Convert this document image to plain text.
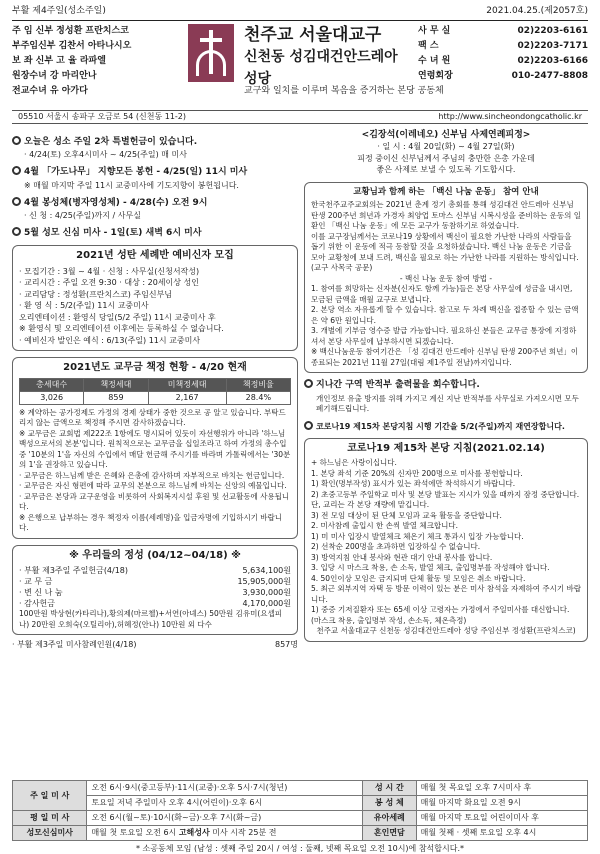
부활 제4주일(성소주일)	2021.04.25.(제2057호)
주 임 신부 정성환 프란치스코
부주임신부 김찬서 아타나시오
보 좌 신부 고 율 라파엘
원장수녀 강 마리안나
전교수녀 유 아가다
천주교 서울대교구
신천동 성김대건안드레아 성당
교구와 일치를 이루며 복음을 증거하는 본당 공동체
사 무 실	02)2203-6161
팩 스	02)2203-7171
수 녀 원	02)2203-6166
연령회장	010-2477-8808
05510 서울시 송파구 오금로 54 (신천동 11-2)	http://www.sincheondongcatholic.kr
오늘은 성소 주일 2차 특별헌금이 있습니다.
· 4/24(토) 오후4시미사 ~ 4/25(주일) 매 미사
4월 「가도나무」 지향모든 봉헌 - 4/25(일) 11시 미사
※ 매월 마지막 주일 11시 교중미사에 기도지향이 봉헌됩니다.
4월 봉성체(병자영성체) - 4/28(수) 오전 9시
· 신 청 : 4/25(주일)까지 / 사무실
5월 성모 신심 미사 - 1일(토) 새벽 6시 미사
2021년 성탄 세례반 예비신자 모집
· 모집기간 : 3월 ~ 4월 · 신청 : 사무실(신청서작성)
· 교리시간 : 주일 오전 9:30 · 대상 : 20세이상 성인
· 교리담당 : 정성환(프란치스코) 주임신부님
· 환 영 식 : 5/2(주일) 11시 교중미사
오리엔테이션 : 환영식 당일(5/2 주일) 11시 교중미사 후
※ 환영식 및 오리엔테이션 이후에는 등록하실 수 없습니다.
· 예비신자 발인은 예식 : 6/13(주일) 11시 교중미사
2021년도 교무금 책정 현황 - 4/20 현재
총세대수	책정세대	미책정세대	책정비율
3,026	859	2,167	28.4%
※ 계약하는 공가정제도 가정의 경제 상태가 중한 것으로 공 알고 있습니다. 부탁드리지 않는 금액으로 책정해 주시면 감사하겠습니다.
※ 교무금은 교회법 제222조 1항에도 명시되어 있듯이 자선행위가 아니라 '하느님 백성으로서의 본분'입니다. 원칙적으로는 교무금을 십일조라고 하여 가정의 총수입 중 '10분의 1'을 자신의 수입에서 매달 헌금해 주시기를 바라며 가톨릭에서는 '30분의 1'을 권장하고 있습니다.
· 교무금은 하느님께 받은 은혜와 은총에 감사하며 자부적으로 바치는 헌금입니다.
· 교무금은 자신 형편에 따라 교무의 본분으로 하느님께 바치는 신앙의 예물입니다.
· 교무금은 본당과 교구운영을 비롯하여 사회복지시설 후원 및 선교활동에 사용됩니다.
※ 은행으로 납부하는 경우 책정자 이름(세례명)을 입금자명에 기입하시기 바랍니다.
※ 우리들의 정성 (04/12~04/18) ※
· 부활 제3주일 주일헌금(4/18)	5,634,100원
· 교 무 금	15,905,000원
· 변 신 나 눔	3,930,000원
· 감사헌금	4,170,000원
100만원 박상현(카타리나),황의제(마르첼)+서연(아녜스) 50만원 김유미(요셉피나) 20만원 오희숙(오틸리아),허혜정(안나) 10만원 외 다수
· 부활 제3주일 미사참례인원(4/18)	857명
<김장석(이레네오) 신부님 사제연례피정>
· 일 시 : 4월 20일(화) ~ 4월 27일(화)
피정 중이신 신부님께서 주님의 충만한 은총 가운데
좋은 사제로 보낼 수 있도록 기도합시다.
교황님과 함께 하는 「백신 나눔 운동」 참여 안내
한국천주교주교회의는 2021년 춘계 정기 총회를 통해 성김대건 안드레아 신부님 탄생 200주년 희년과 가경자 최양업 토마스 신부님 시복시성을 준비하는 운동의 일환인 「백신 나눔 운동」에 모든 교구가 동참하기로 하였습니다.
이를 교구장님께서는 코로나19 상황에서 백신이 필요한 가난한 나라의 사람들을 돕기 위한 이 운동에 적극 동참할 것을 요청하셨습니다. 백신 나눔 운동은 기금을 모아 교황청에 보내 드려, 백신을 필요로 하는 가난한 나라를 지원하는 방식입니다. (교구 사목국 공문)
- 백신 나눔 운동 참여 방법 -
1. 참여를 희망하는 신자분(신자도 함께 가능)들은 본당 사무실에 성금을 내시면, 모금된 금액을 매월 교구로 보냅니다.
2. 본당 역소 자유롭게 할 수 있습니다. 참고로 두 차례 백신을 접종할 수 있는 금액은 약 6만 원입니다.
3. 개별에 기부금 영수증 발급 가능합니다. 필요하신 분들은 교무금 통장에 지정하셔서 본당 사무실에 납부하시면 되겠습니다.
※ 백신나눔운동 참여기간은 「성 김대건 안드레아 신부님 탄생 200주년 희년」이 종료되는 2021년 11월 27일(대림 제1주일 전날)까지입니다.
지나간 구역 반적부 출력물을 회수합니다.
개인정보 유출 방지를 위해 가지고 계신 지난 반적부를 사무실로 가져오시면 모두 폐기해드립니다.
코로나19 제15차 본당지침 시행 기간을 5/2(주일)까지 재연장합니다.
코로나19 제15차 본당 지침(2021.02.14)
+ 하느님은 사랑이십니다.
1. 본당 좌석 기준 20%의 신자만 200명으로 미사를 봉헌합니다.
1) 확인(명부작성) 표시가 있는 좌석에만 착석하시기 바랍니다.
2) 초중고등부 주일학교 미사 및 본당 발표는 지시가 있을 때까지 잠정 중단합니다. 단, 교리는 각 본당 재량에 맡깁니다.
3) 전 모임 대상이 된 단체 모임과 교육 활동을 중단합니다.
2. 미사참례 출입시 한 손씩 발열 체크합니다.
1) 미 미사 입장시 발열체크 체온기 체크 통과시 입장 가능합니다.
2) 선착순 200명을 초과하면 입장하실 수 없습니다.
3) 방역지침 안내 봉사와 현관 대기 안내 봉사를 합니다.
3. 입당 시 마스크 착용, 손 소독, 발열 체크, 출입명부를 작성해야 합니다.
4. 50인이상 모임은 금지되며 단체 활동 및 모임은 취소 바랍니다.
5. 최근 외부지역 자택 등 방문 이력이 있는 분은 미사 참석을 자제하여 주시기 바랍니다.
1) 중증 기저질환자 또는 65세 이상 고령자는 가정에서 주일미사를 대신합니다.
(마스크 착용, 출입명부 작성, 손소독, 체온측정)
천주교 서울대교구 신천동 성김대건안드레아 성당 주임신부 정성환(프란치스코)
주 일 미 사	오전 6시·9시(중고등부)·11시(교중)·오후 5시·7시(청년)	성 시 간	매월 첫 목요일 오후 7시미사 후
	토요일 저녁 주일미사 오후 4시(어린이)·오후 6시	봉 성 체	매월 마지막 화요일 오전 9시
평 일 미 사	오전 6시(월~토)·10시(화~금)·오후 7시(화~금)	유아세례	매월 마지막 토요일 어린이미사 후
성모신심미사	매월 첫 토요일 오전 6시 고해성사 미사 시작 25분 전	혼인면담	매월 첫째 · 셋째 토요일 오후 4시
* 소공동체 모임 (남성 : 셋째 주일 20시 / 여성 : 둘째, 넷째 목요일 오전 10시)에 참석합시다.*
